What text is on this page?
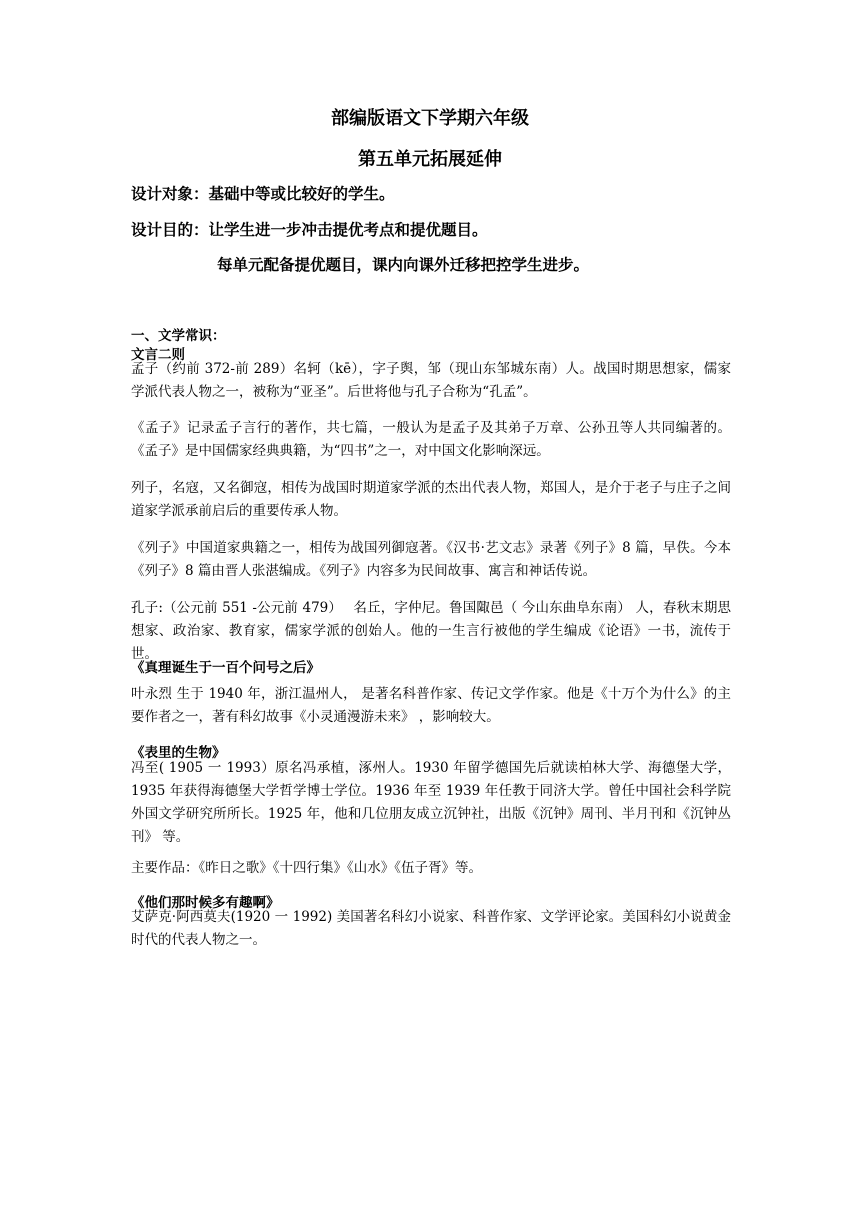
部编版语文下学期六年级
第五单元拓展延伸

设计对象：基础中等或比较好的学生。

设计目的：让学生进一步冲击提优考点和提优题目。

每单元配备提优题目，课内向课外迁移把控学生进步。

一、文学常识：

文言二则

孟子（约前 372-前 289）名轲（kē），字子舆，邹（现山东邹城东南）人。战国时期思想家，儒家学派代表人物之一，被称为“亚圣”。后世将他与孔子合称为“孔孟”。

《孟子》记录孟子言行的著作，共七篇，一般认为是孟子及其弟子万章、公孙丑等人共同编著的。《孟子》是中国儒家经典典籍，为“四书”之一，对中国文化影响深远。

列子，名寇，又名御寇，相传为战国时期道家学派的杰出代表人物，郑国人，是介于老子与庄子之间道家学派承前启后的重要传承人物。

《列子》中国道家典籍之一，相传为战国列御寇著。《汉书·艺文志》录著《列子》8 篇，早佚。今本《列子》8 篇由晋人张湛编成。《列子》内容多为民间故事、寓言和神话传说。

孔子:（公元前 551 -公元前 479）　 名丘，字仲尼。鲁国陬邑（ 今山东曲阜东南） 人，春秋末期思想家、政治家、教育家，儒家学派的创始人。他的一生言行被他的学生编成《论语》一书，流传于世。

《真理诞生于一百个问号之后》

叶永烈 生于 1940 年，浙江温州人， 是著名科普作家、传记文学作家。他是《十万个为什么》的主要作者之一，著有科幻故事《小灵通漫游未来》 ，影响较大。

《表里的生物》

冯至( 1905 一 1993）原名冯承植，涿州人。1930 年留学德国先后就读柏林大学、海德堡大学，1935 年获得海德堡大学哲学博士学位。1936 年至 1939 年任教于同济大学。曾任中国社会科学院外国文学研究所所长。1925 年，他和几位朋友成立沉钟社，出版《沉钟》周刊、半月刊和《沉钟丛刊》 等。

主要作品：《昨日之歌》《十四行集》《山水》《伍子胥》等。

《他们那时候多有趣啊》

艾萨克·阿西莫夫(1920 一 1992) 美国著名科幻小说家、科普作家、文学评论家。美国科幻小说黄金时代的代表人物之一。
